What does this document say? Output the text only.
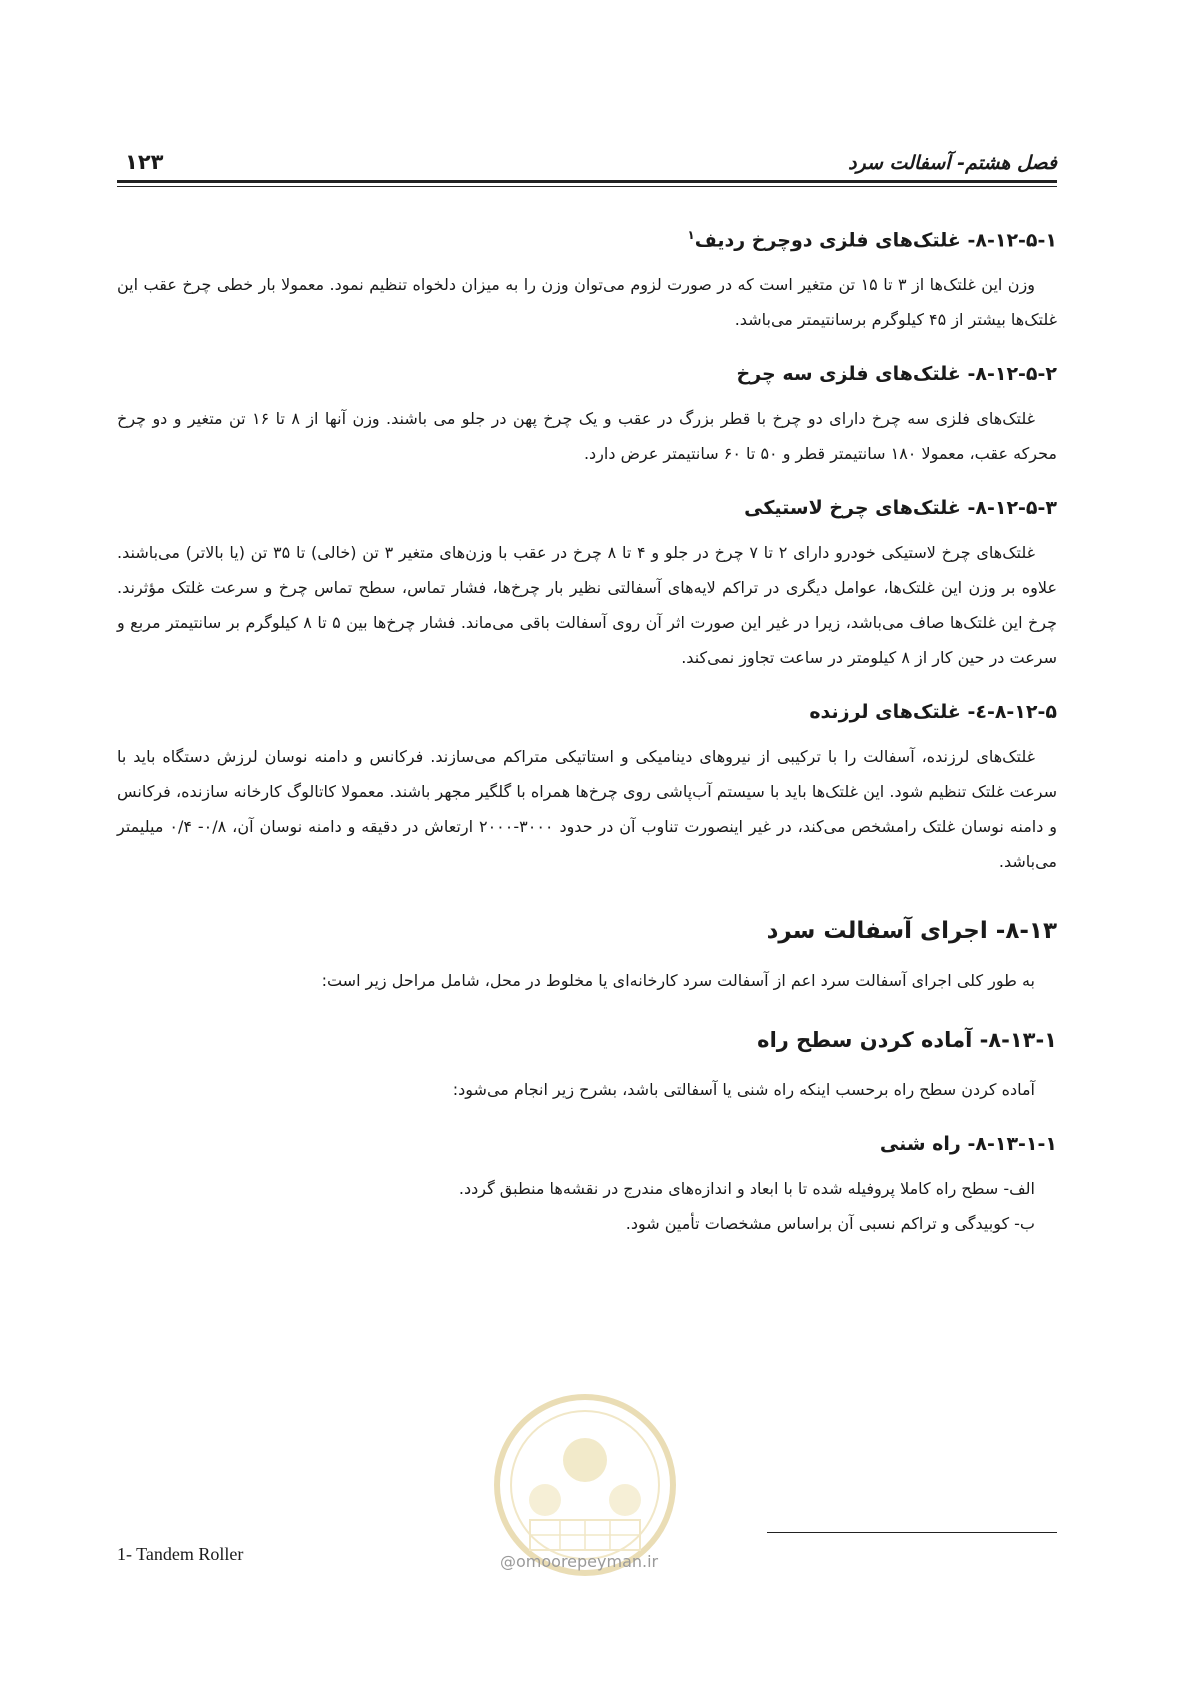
۱۲۳	فصل هشتم- آسفالت سرد
۸-۱۲-۵-۱- غلتک‌های فلزی دوچرخ ردیف$^۱$

وزن این غلتک‌ها از ۳ تا ۱۵ تن متغیر است که در صورت لزوم می‌توان وزن را به میزان دلخواه تنظیم نمود. معمولا بار خطی چرخ عقب این غلتک‌ها بیشتر از ۴۵ کیلوگرم برسانتیمتر می‌باشد.

۸-۱۲-۵-۲- غلتک‌های فلزی سه چرخ

غلتک‌های فلزی سه چرخ دارای دو چرخ با قطر بزرگ در عقب و یک چرخ پهن در جلو می باشند. وزن آنها از ۸ تا ۱۶ تن متغیر و دو چرخ محرکه عقب، معمولا ۱۸۰ سانتیمتر قطر و ۵۰ تا ۶۰ سانتیمتر عرض دارد.

۸-۱۲-۵-۳- غلتک‌های چرخ لاستیکی

غلتک‌های چرخ لاستیکی خودرو دارای ۲ تا ۷ چرخ در جلو و ۴ تا ۸ چرخ در عقب با وزن‌های متغیر ۳ تن (خالی) تا ۳۵ تن (یا بالاتر) می‌باشند. علاوه بر وزن این غلتک‌ها، عوامل دیگری در تراکم لایه‌های آسفالتی نظیر بار چرخ‌ها، فشار تماس، سطح تماس چرخ و سرعت غلتک مؤثرند. چرخ این غلتک‌ها صاف می‌باشد، زیرا در غیر این صورت اثر آن روی آسفالت باقی می‌ماند. فشار چرخ‌ها بین ۵ تا ۸ کیلوگرم بر سانتیمتر مربع و سرعت در حین کار از ۸ کیلومتر در ساعت تجاوز نمی‌کند.

۸-۱۲-۵-٤- غلتک‌های لرزنده

غلتک‌های لرزنده، آسفالت را با ترکیبی از نیروهای دینامیکی و استاتیکی متراکم می‌سازند. فرکانس و دامنه نوسان لرزش دستگاه باید با سرعت غلتک تنظیم شود. این غلتک‌ها باید با سیستم آب‌پاشی روی چرخ‌ها همراه با گلگیر مجهر باشند. معمولا کاتالوگ کارخانه سازنده، فرکانس و دامنه نوسان غلتک رامشخص می‌کند، در غیر اینصورت تناوب آن در حدود ۳۰۰۰-۲۰۰۰ ارتعاش در دقیقه و دامنه نوسان آن، ۰/۸- ۰/۴ میلیمتر می‌باشد.

۸-۱۳- اجرای آسفالت سرد

به طور کلی اجرای آسفالت سرد اعم از آسفالت سرد کارخانه‌ای یا مخلوط در محل، شامل مراحل زیر است:

۸-۱۳-۱- آماده کردن سطح راه

آماده کردن سطح راه برحسب اینکه راه شنی یا آسفالتی باشد، بشرح زیر انجام می‌شود:

۸-۱۳-۱-۱- راه شنی
الف- سطح راه کاملا پروفیله شده تا با ابعاد و اندازه‌های مندرج در نقشه‌ها منطبق گردد.
ب- کوبیدگی و تراکم نسبی آن براساس مشخصات تأمین شود.
@omoorepeyman.ir
1- Tandem Roller
